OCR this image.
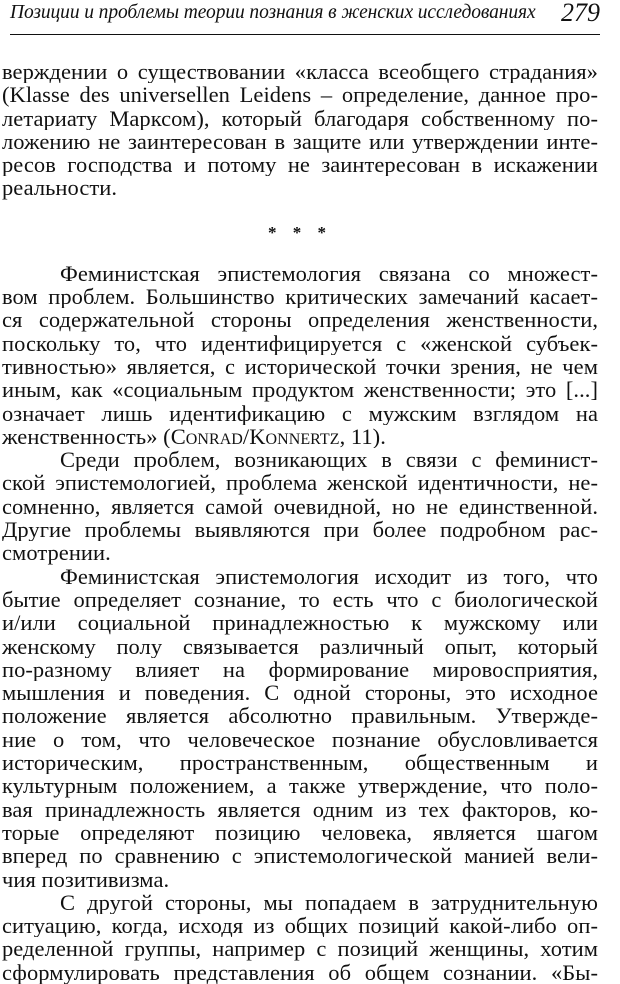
Позиции и проблемы теории познания в женских исследованиях 279
верждении о существовании «класса всеобщего страдания»
(Klasse des universellen Leidens – определение, данное про-
летариату Марксом), который благодаря собственному по-
ложению не заинтересован в защите или утверждении инте-
ресов господства и потому не заинтересован в искажении
реальности.
* * *
Феминистская эпистемология связана со множест-
вом проблем. Большинство критических замечаний касает-
ся содержательной стороны определения женственности,
поскольку то, что идентифицируется с «женской субъек-
тивностью» является, с исторической точки зрения, не чем
иным, как «социальным продуктом женственности; это [...]
означает лишь идентификацию с мужским взглядом на
женственность» (Conrad/Konnertz, 11).
Среди проблем, возникающих в связи с феминист-
ской эпистемологией, проблема женской идентичности, не-
сомненно, является самой очевидной, но не единственной.
Другие проблемы выявляются при более подробном рас-
смотрении.
Феминистская эпистемология исходит из того, что
бытие определяет сознание, то есть что с биологической
и/или социальной принадлежностью к мужскому или
женскому полу связывается различный опыт, который
по-разному влияет на формирование мировосприятия,
мышления и поведения. С одной стороны, это исходное
положение является абсолютно правильным. Утвержде-
ние о том, что человеческое познание обусловливается
историческим, пространственным, общественным и
культурным положением, а также утверждение, что поло-
вая принадлежность является одним из тех факторов, ко-
торые определяют позицию человека, является шагом
вперед по сравнению с эпистемологической манией вели-
чия позитивизма.
С другой стороны, мы попадаем в затруднительную
ситуацию, когда, исходя из общих позиций какой-либо оп-
ределенной группы, например с позиций женщины, хотим
сформулировать представления об общем сознании. «Бы-
